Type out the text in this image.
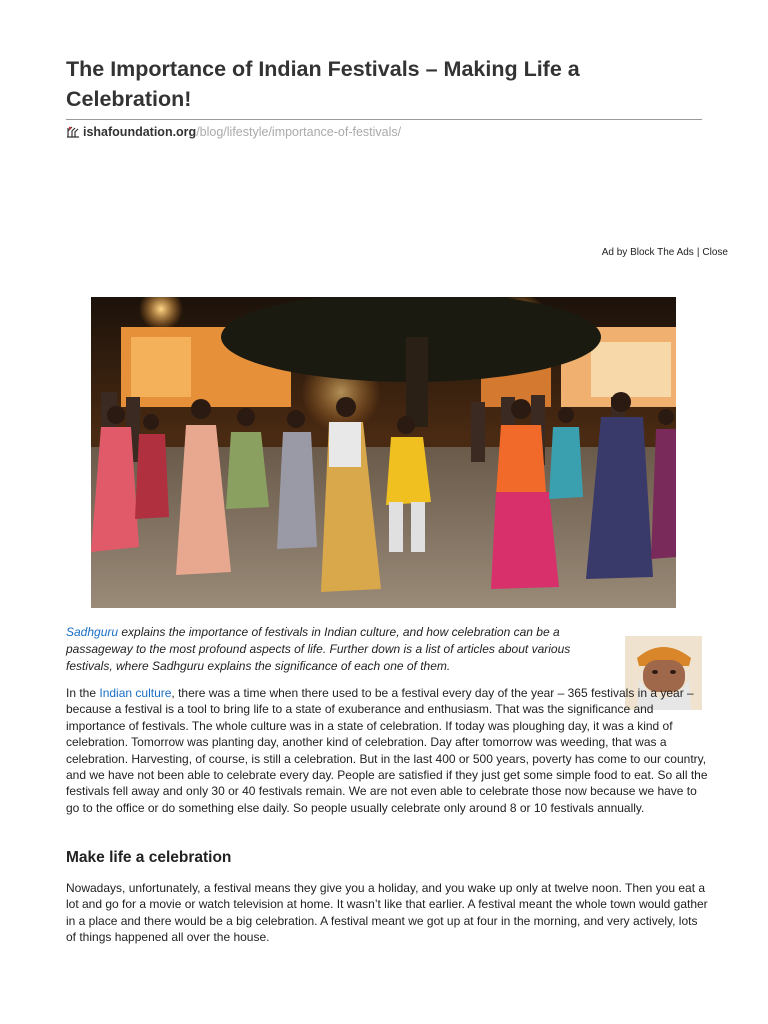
The Importance of Indian Festivals – Making Life a Celebration!
ishafoundation.org/blog/lifestyle/importance-of-festivals/
Ad by Block The Ads | Close

Sadhguru explains the importance of festivals in Indian culture, and how celebration can be a passageway to the most profound aspects of life. Further down is a list of articles about various festivals, where Sadhguru explains the significance of each one of them.

In the Indian culture, there was a time when there used to be a festival every day of the year – 365 festivals in a year – because a festival is a tool to bring life to a state of exuberance and enthusiasm. That was the significance and importance of festivals. The whole culture was in a state of celebration. If today was ploughing day, it was a kind of celebration. Tomorrow was planting day, another kind of celebration. Day after tomorrow was weeding, that was a celebration. Harvesting, of course, is still a celebration. But in the last 400 or 500 years, poverty has come to our country, and we have not been able to celebrate every day. People are satisfied if they just get some simple food to eat. So all the festivals fell away and only 30 or 40 festivals remain. We are not even able to celebrate those now because we have to go to the office or do something else daily. So people usually celebrate only around 8 or 10 festivals annually.

Make life a celebration

Nowadays, unfortunately, a festival means they give you a holiday, and you wake up only at twelve noon. Then you eat a lot and go for a movie or watch television at home. It wasn’t like that earlier. A festival meant the whole town would gather in a place and there would be a big celebration. A festival meant we got up at four in the morning, and very actively, lots of things happened all over the house.
